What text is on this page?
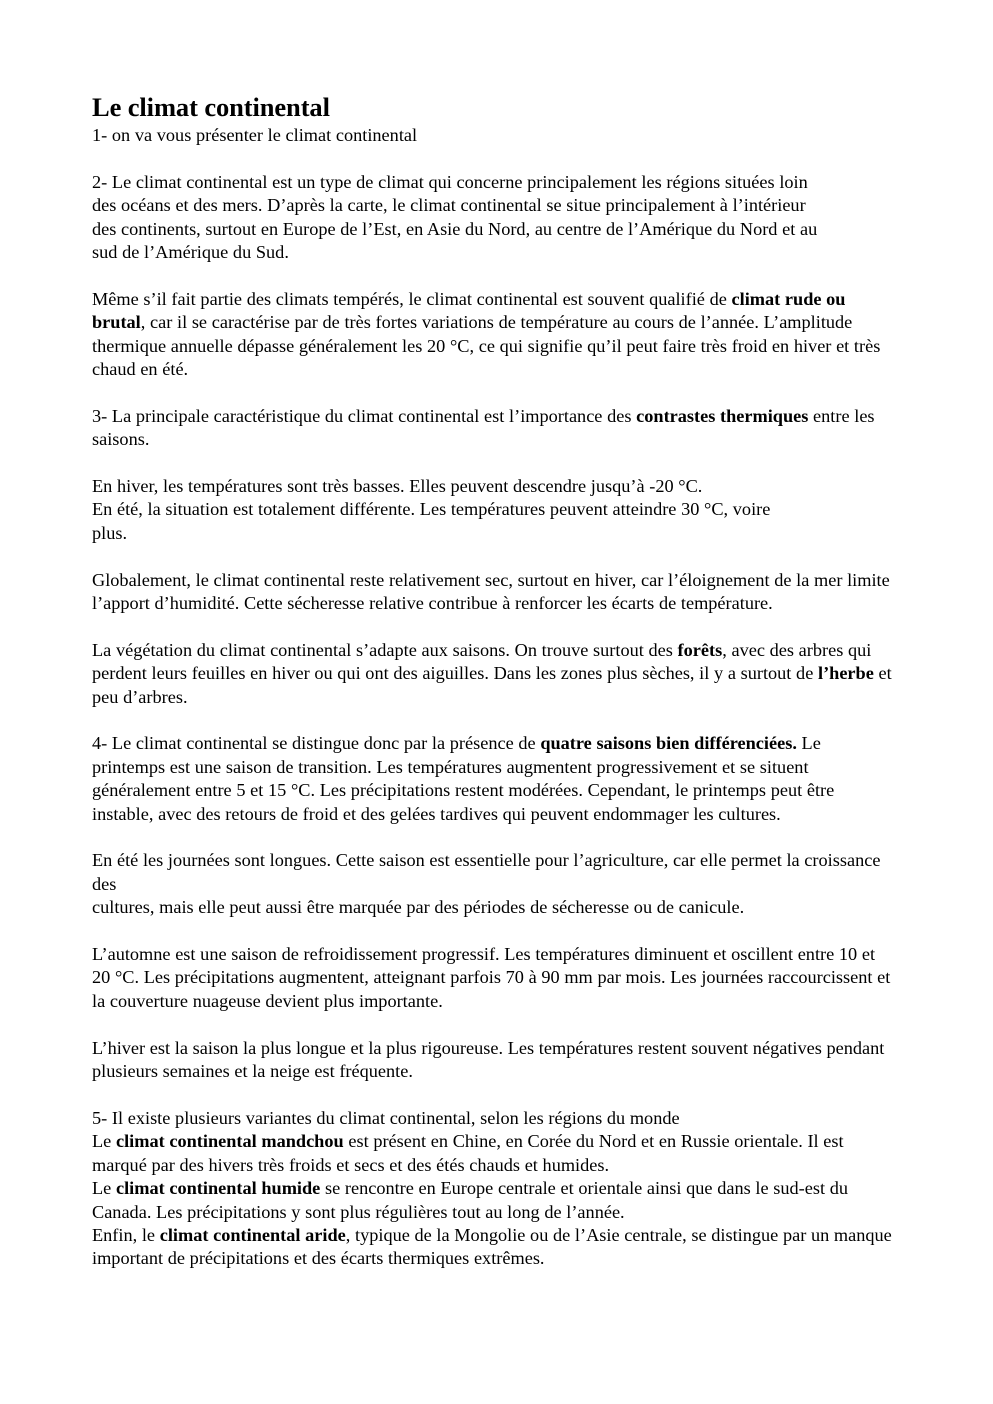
Le climat continental

1- on va vous présenter le climat continental

2- Le climat continental est un type de climat qui concerne principalement les régions situées loin
des océans et des mers. D’après la carte, le climat continental se situe principalement à l’intérieur
des continents, surtout en Europe de l’Est, en Asie du Nord, au centre de l’Amérique du Nord et au
sud de l’Amérique du Sud.

Même s’il fait partie des climats tempérés, le climat continental est souvent qualifié de climat rude ou brutal, car il se caractérise par de très fortes variations de température au cours de l’année. L’amplitude thermique annuelle dépasse généralement les 20 °C, ce qui signifie qu’il peut faire très froid en hiver et très chaud en été.

3- La principale caractéristique du climat continental est l’importance des contrastes thermiques entre les saisons.

En hiver, les températures sont très basses. Elles peuvent descendre jusqu’à -20 °C.
En été, la situation est totalement différente. Les températures peuvent atteindre 30 °C, voire
plus.

Globalement, le climat continental reste relativement sec, surtout en hiver, car l’éloignement de la mer limite l’apport d’humidité. Cette sécheresse relative contribue à renforcer les écarts de température.

La végétation du climat continental s’adapte aux saisons. On trouve surtout des forêts, avec des arbres qui perdent leurs feuilles en hiver ou qui ont des aiguilles. Dans les zones plus sèches, il y a surtout de l’herbe et peu d’arbres.

4- Le climat continental se distingue donc par la présence de quatre saisons bien différenciées. Le printemps est une saison de transition. Les températures augmentent progressivement et se situent généralement entre 5 et 15 °C. Les précipitations restent modérées. Cependant, le printemps peut être instable, avec des retours de froid et des gelées tardives qui peuvent endommager les cultures.

En été les journées sont longues. Cette saison est essentielle pour l’agriculture, car elle permet la croissance des
cultures, mais elle peut aussi être marquée par des périodes de sécheresse ou de canicule.

L’automne est une saison de refroidissement progressif. Les températures diminuent et oscillent entre 10 et 20 °C. Les précipitations augmentent, atteignant parfois 70 à 90 mm par mois. Les journées raccourcissent et la couverture nuageuse devient plus importante.

L’hiver est la saison la plus longue et la plus rigoureuse. Les températures restent souvent négatives pendant plusieurs semaines et la neige est fréquente.

5- Il existe plusieurs variantes du climat continental, selon les régions du monde
Le climat continental mandchou est présent en Chine, en Corée du Nord et en Russie orientale. Il est marqué par des hivers très froids et secs et des étés chauds et humides.
Le climat continental humide se rencontre en Europe centrale et orientale ainsi que dans le sud-est du Canada. Les précipitations y sont plus régulières tout au long de l’année.
Enfin, le climat continental aride, typique de la Mongolie ou de l’Asie centrale, se distingue par un manque important de précipitations et des écarts thermiques extrêmes.
